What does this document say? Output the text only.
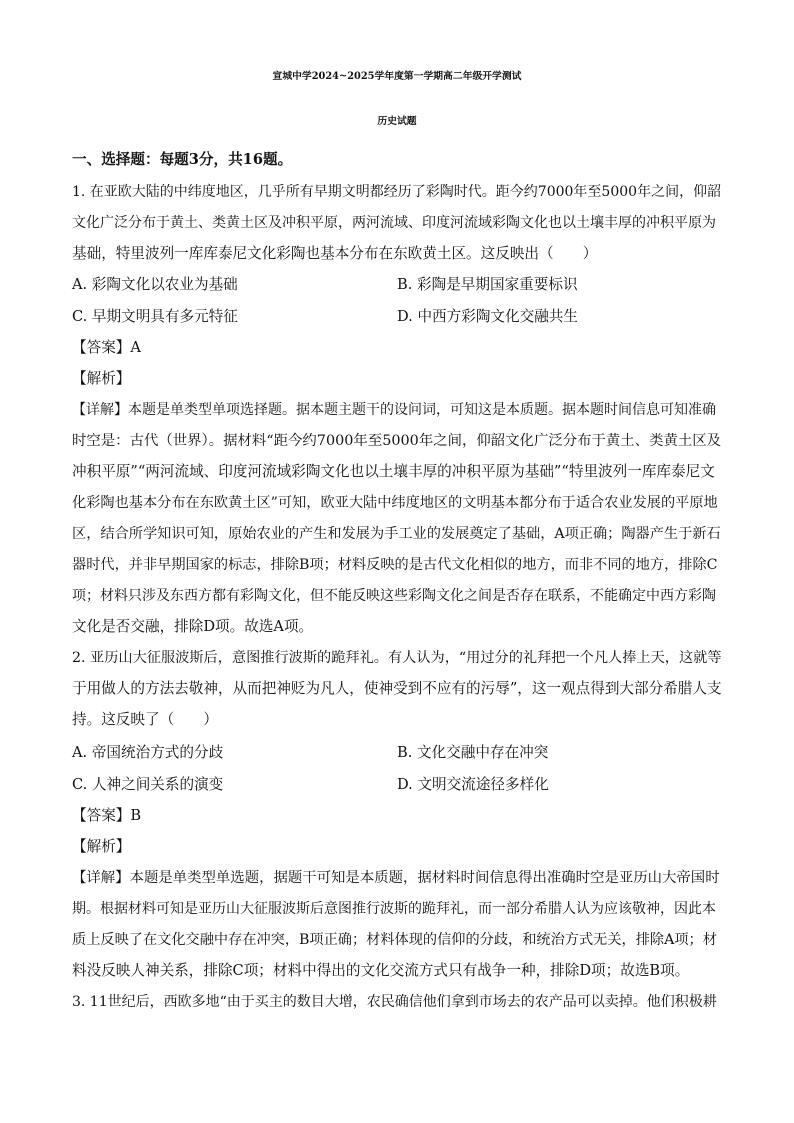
宣城中学2024~2025学年度第一学期高二年级开学测试
历史试题
一、选择题：每题3分，共16题。
1. 在亚欧大陆的中纬度地区，几乎所有早期文明都经历了彩陶时代。距今约7000年至5000年之间，仰韶
文化广泛分布于黄土、类黄土区及冲积平原，两河流域、印度河流域彩陶文化也以土壤丰厚的冲积平原为
基础，特里波列一库库泰尼文化彩陶也基本分布在东欧黄土区。这反映出（　　）
A. 彩陶文化以农业为基础	B. 彩陶是早期国家重要标识
C. 早期文明具有多元特征	D. 中西方彩陶文化交融共生
【答案】A
【解析】
【详解】本题是单类型单项选择题。据本题主题干的设问词，可知这是本质题。据本题时间信息可知准确
时空是：古代（世界）。据材料“距今约7000年至5000年之间，仰韶文化广泛分布于黄土、类黄土区及
冲积平原”“两河流域、印度河流域彩陶文化也以土壤丰厚的冲积平原为基础”“特里波列一库库泰尼文
化彩陶也基本分布在东欧黄土区”可知，欧亚大陆中纬度地区的文明基本都分布于适合农业发展的平原地
区，结合所学知识可知，原始农业的产生和发展为手工业的发展奠定了基础，A项正确；陶器产生于新石
器时代，并非早期国家的标志，排除B项；材料反映的是古代文化相似的地方，而非不同的地方，排除C
项；材料只涉及东西方都有彩陶文化，但不能反映这些彩陶文化之间是否存在联系，不能确定中西方彩陶
文化是否交融，排除D项。故选A项。
2. 亚历山大征服波斯后，意图推行波斯的跪拜礼。有人认为，“用过分的礼拜把一个凡人捧上天，这就等
于用做人的方法去敬神，从而把神贬为凡人，使神受到不应有的污辱”，这一观点得到大部分希腊人支
持。这反映了（　　）
A. 帝国统治方式的分歧	B. 文化交融中存在冲突
C. 人神之间关系的演变	D. 文明交流途径多样化
【答案】B
【解析】
【详解】本题是单类型单选题，据题干可知是本质题，据材料时间信息得出准确时空是亚历山大帝国时
期。根据材料可知是亚历山大征服波斯后意图推行波斯的跪拜礼，而一部分希腊人认为应该敬神，因此本
质上反映了在文化交融中存在冲突，B项正确；材料体现的信仰的分歧，和统治方式无关，排除A项；材
料没反映人神关系，排除C项；材料中得出的文化交流方式只有战争一种，排除D项；故选B项。
3. 11世纪后，西欧多地“由于买主的数目大增，农民确信他们拿到市场去的农产品可以卖掉。他们积极耕
